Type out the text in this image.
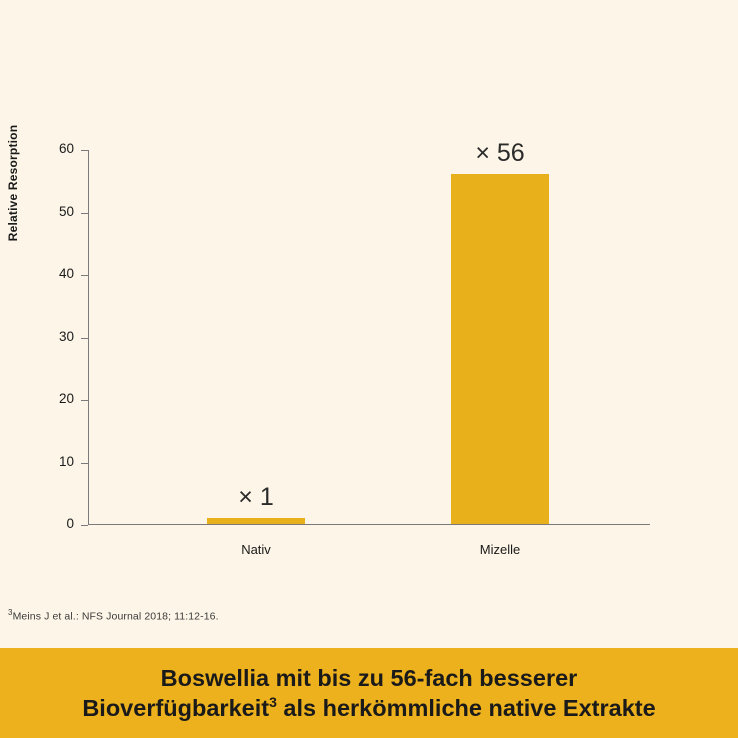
Relative Resorption
0
10
20
30
40
50
60
× 1
Nativ
× 56
Mizelle
$^3$Meins J et al.: NFS Journal 2018; 11:12-16.
Boswellia mit bis zu 56-fach besserer
Bioverfügbarkeit$^3$ als herkömmliche native Extrakte
